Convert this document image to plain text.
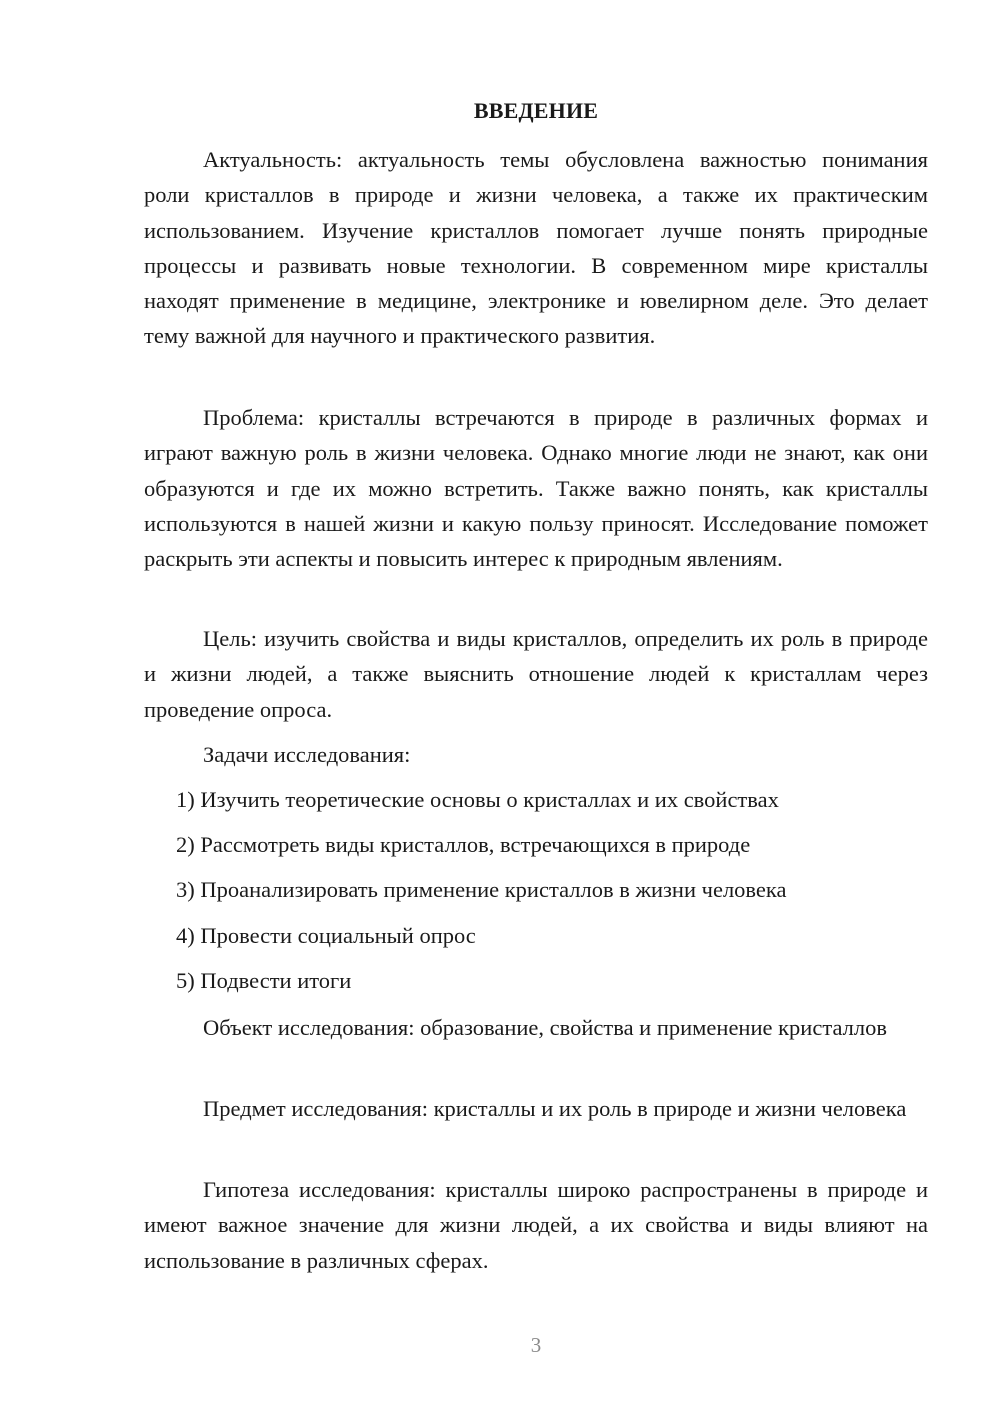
ВВЕДЕНИЕ

Актуальность: актуальность темы обусловлена важностью понимания роли кристаллов в природе и жизни человека, а также их практическим использованием. Изучение кристаллов помогает лучше понять природные процессы и развивать новые технологии. В современном мире кристаллы находят применение в медицине, электронике и ювелирном деле. Это делает тему важной для научного и практического развития.

Проблема: кристаллы встречаются в природе в различных формах и играют важную роль в жизни человека. Однако многие люди не знают, как они образуются и где их можно встретить. Также важно понять, как кристаллы используются в нашей жизни и какую пользу приносят. Исследование поможет раскрыть эти аспекты и повысить интерес к природным явлениям.

Цель: изучить свойства и виды кристаллов, определить их роль в природе и жизни людей, а также выяснить отношение людей к кристаллам через проведение опроса.

Задачи исследования:

1) Изучить теоретические основы о кристаллах и их свойствах

2) Рассмотреть виды кристаллов, встречающихся в природе

3) Проанализировать применение кристаллов в жизни человека

4) Провести социальный опрос

5) Подвести итоги

Объект исследования: образование, свойства и применение кристаллов

Предмет исследования: кристаллы и их роль в природе и жизни человека

Гипотеза исследования: кристаллы широко распространены в природе и имеют важное значение для жизни людей, а их свойства и виды влияют на использование в различных сферах.

3
